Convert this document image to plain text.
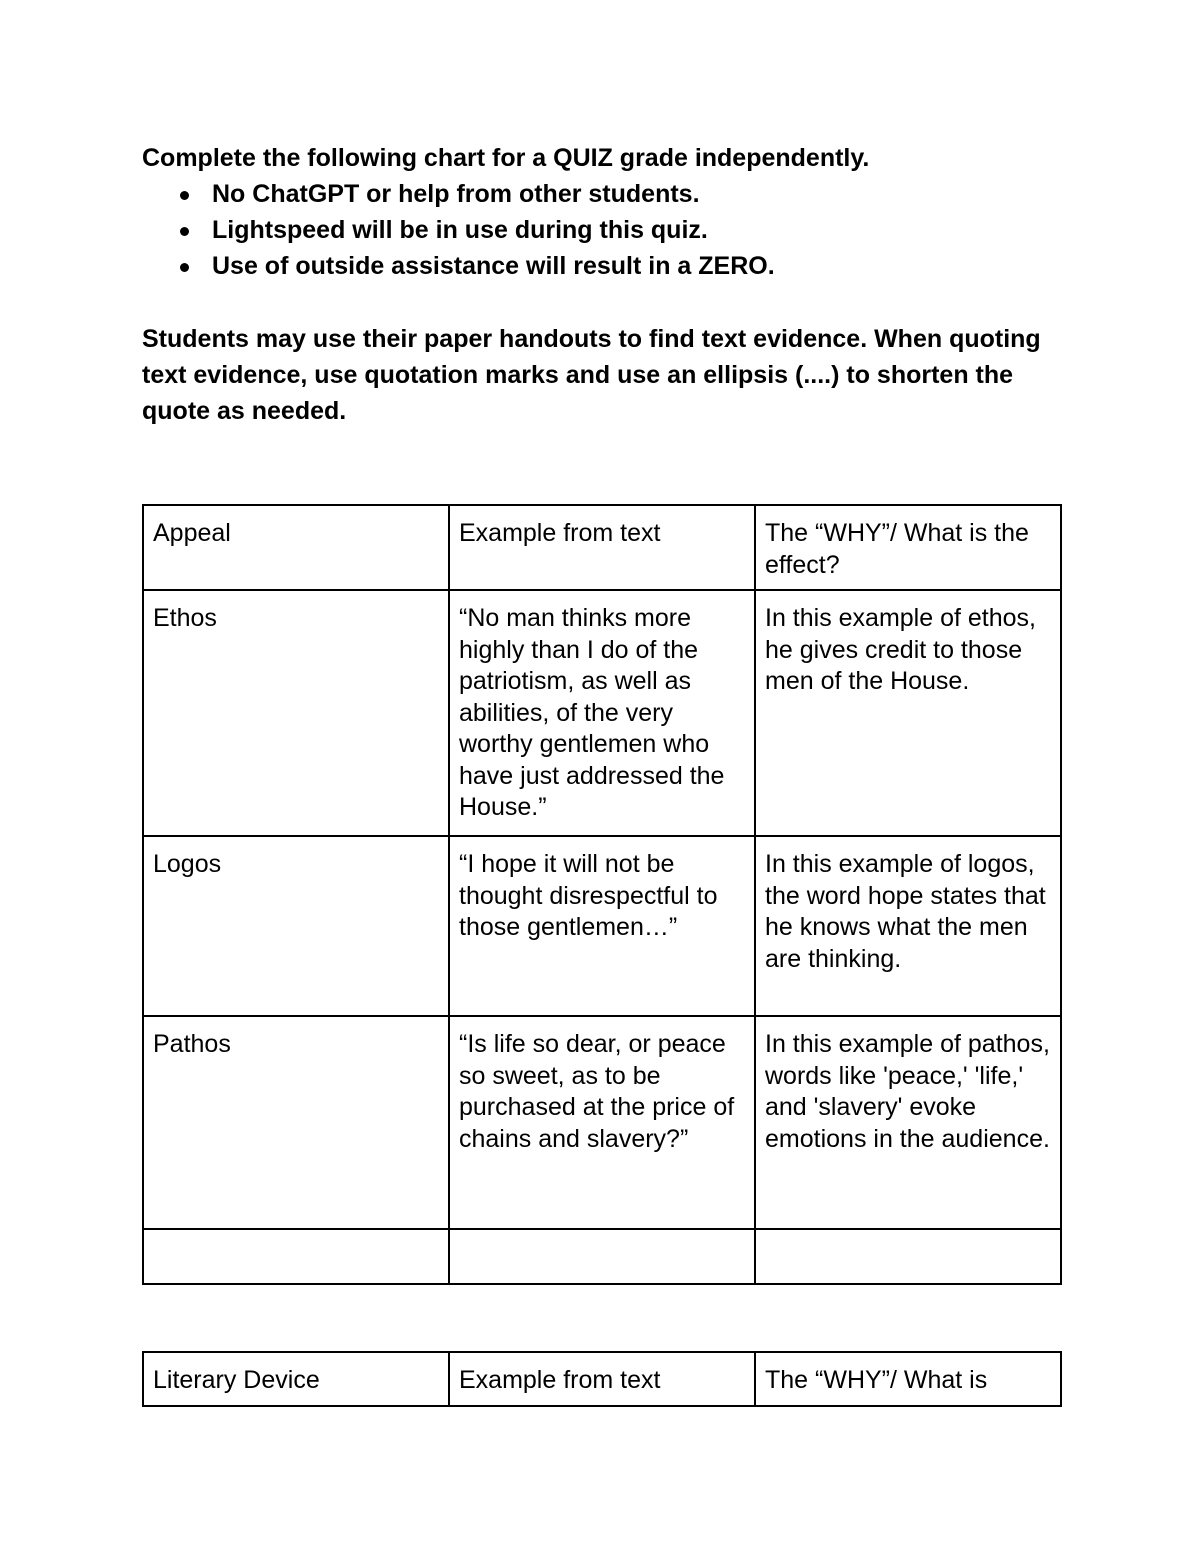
Complete the following chart for a QUIZ grade independently.

No ChatGPT or help from other students.
Lightspeed will be in use during this quiz.
Use of outside assistance will result in a ZERO.

Students may use their paper handouts to find text evidence. When quoting text evidence, use quotation marks and use an ellipsis (....) to shorten the quote as needed.

Appeal	Example from text	The “WHY”/ What is the effect?
Ethos	“No man thinks more highly than I do of the patriotism, as well as abilities, of the very worthy gentlemen who have just addressed the House.”	In this example of ethos, he gives credit to those men of the House.
Logos	“I hope it will not be thought disrespectful to those gentlemen…”	In this example of logos, the word hope states that he knows what the men are thinking.
Pathos	“Is life so dear, or peace so sweet, as to be purchased at the price of chains and slavery?”	In this example of pathos, words like 'peace,' 'life,' and 'slavery' evoke emotions in the audience.

Literary Device	Example from text	The “WHY”/ What is
